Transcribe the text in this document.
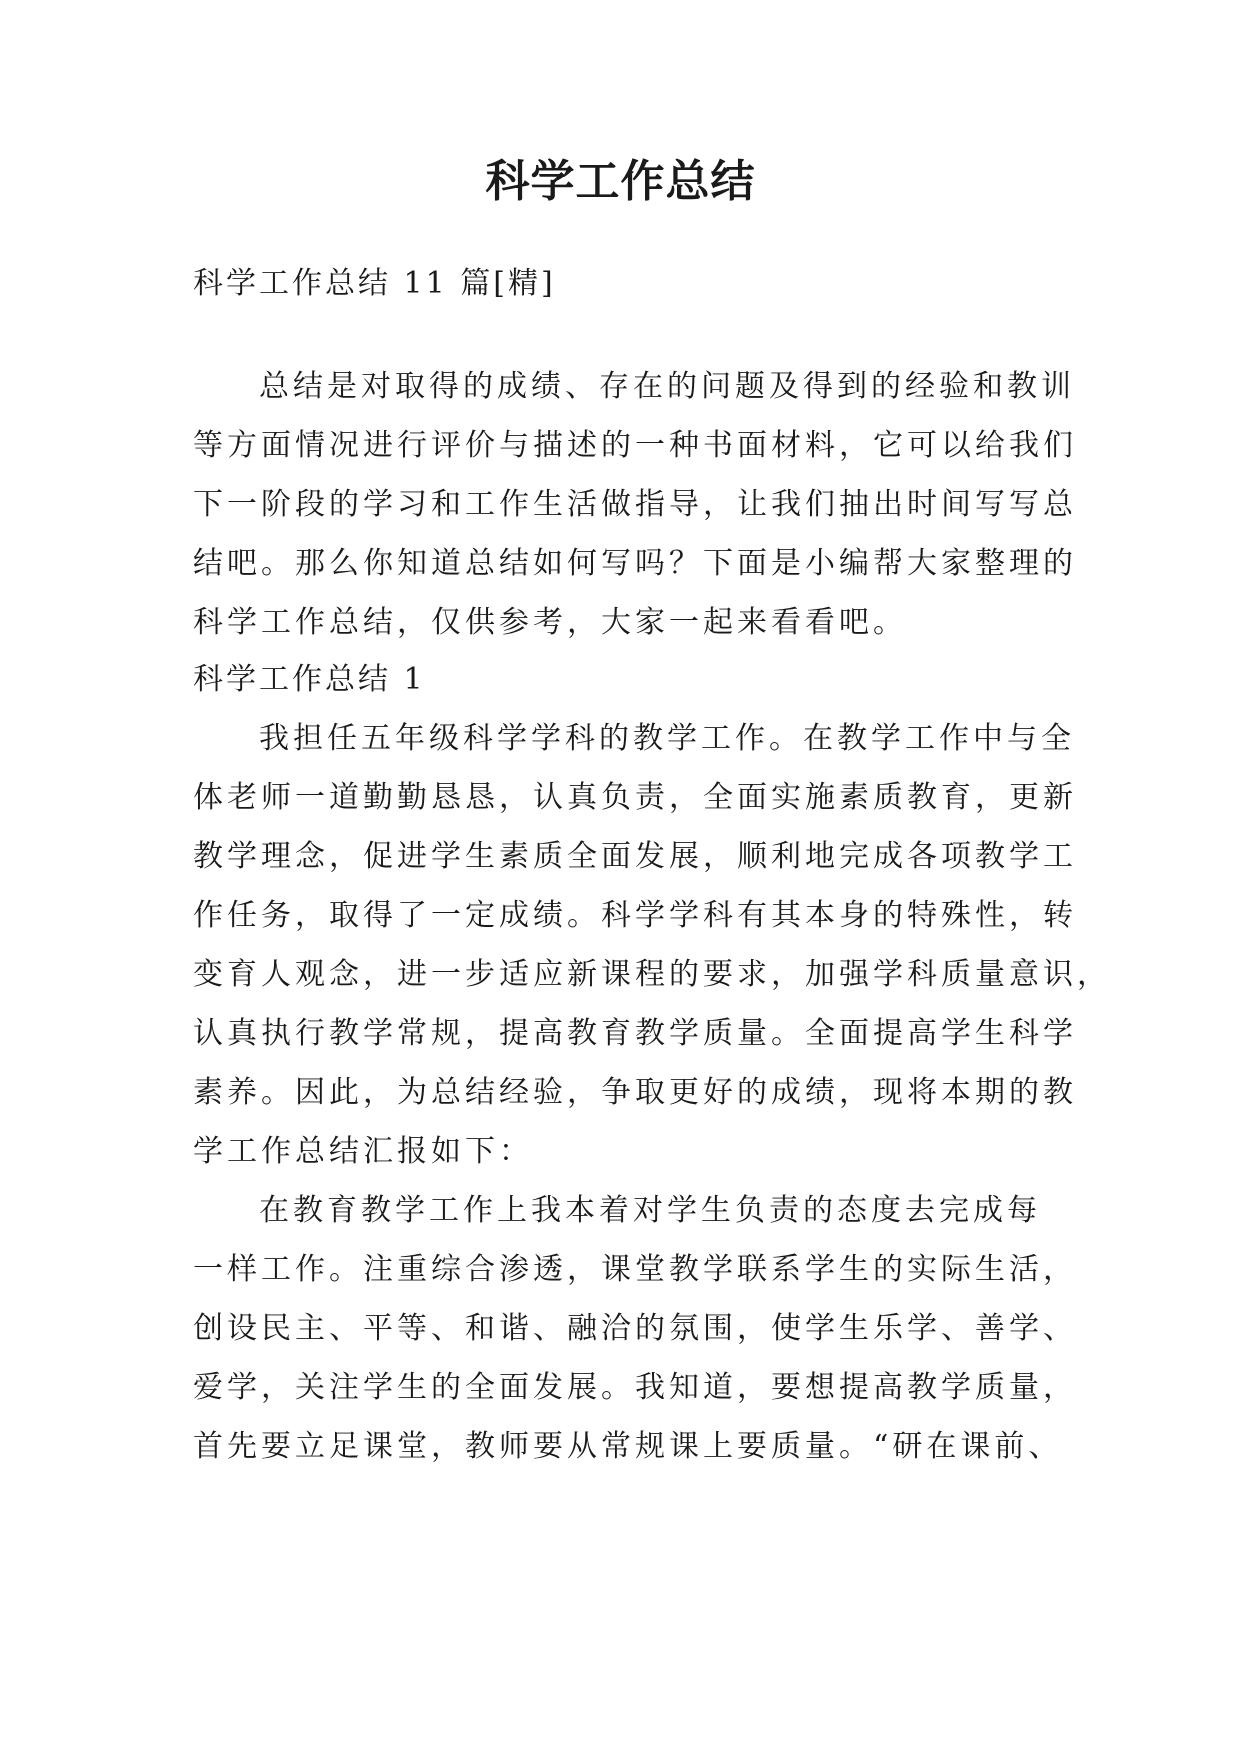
科学工作总结
科学工作总结 11 篇[精]
总结是对取得的成绩、存在的问题及得到的经验和教训
等方面情况进行评价与描述的一种书面材料，它可以给我们
下一阶段的学习和工作生活做指导，让我们抽出时间写写总
结吧。那么你知道总结如何写吗？下面是小编帮大家整理的
科学工作总结，仅供参考，大家一起来看看吧。
科学工作总结 1
我担任五年级科学学科的教学工作。在教学工作中与全
体老师一道勤勤恳恳，认真负责，全面实施素质教育，更新
教学理念，促进学生素质全面发展，顺利地完成各项教学工
作任务，取得了一定成绩。科学学科有其本身的特殊性，转
变育人观念，进一步适应新课程的要求，加强学科质量意识，
认真执行教学常规，提高教育教学质量。全面提高学生科学
素养。因此，为总结经验，争取更好的成绩，现将本期的教
学工作总结汇报如下：
在教育教学工作上我本着对学生负责的态度去完成每
一样工作。注重综合渗透，课堂教学联系学生的实际生活，
创设民主、平等、和谐、融洽的氛围，使学生乐学、善学、
爱学，关注学生的全面发展。我知道，要想提高教学质量，
首先要立足课堂，教师要从常规课上要质量。“研在课前、
